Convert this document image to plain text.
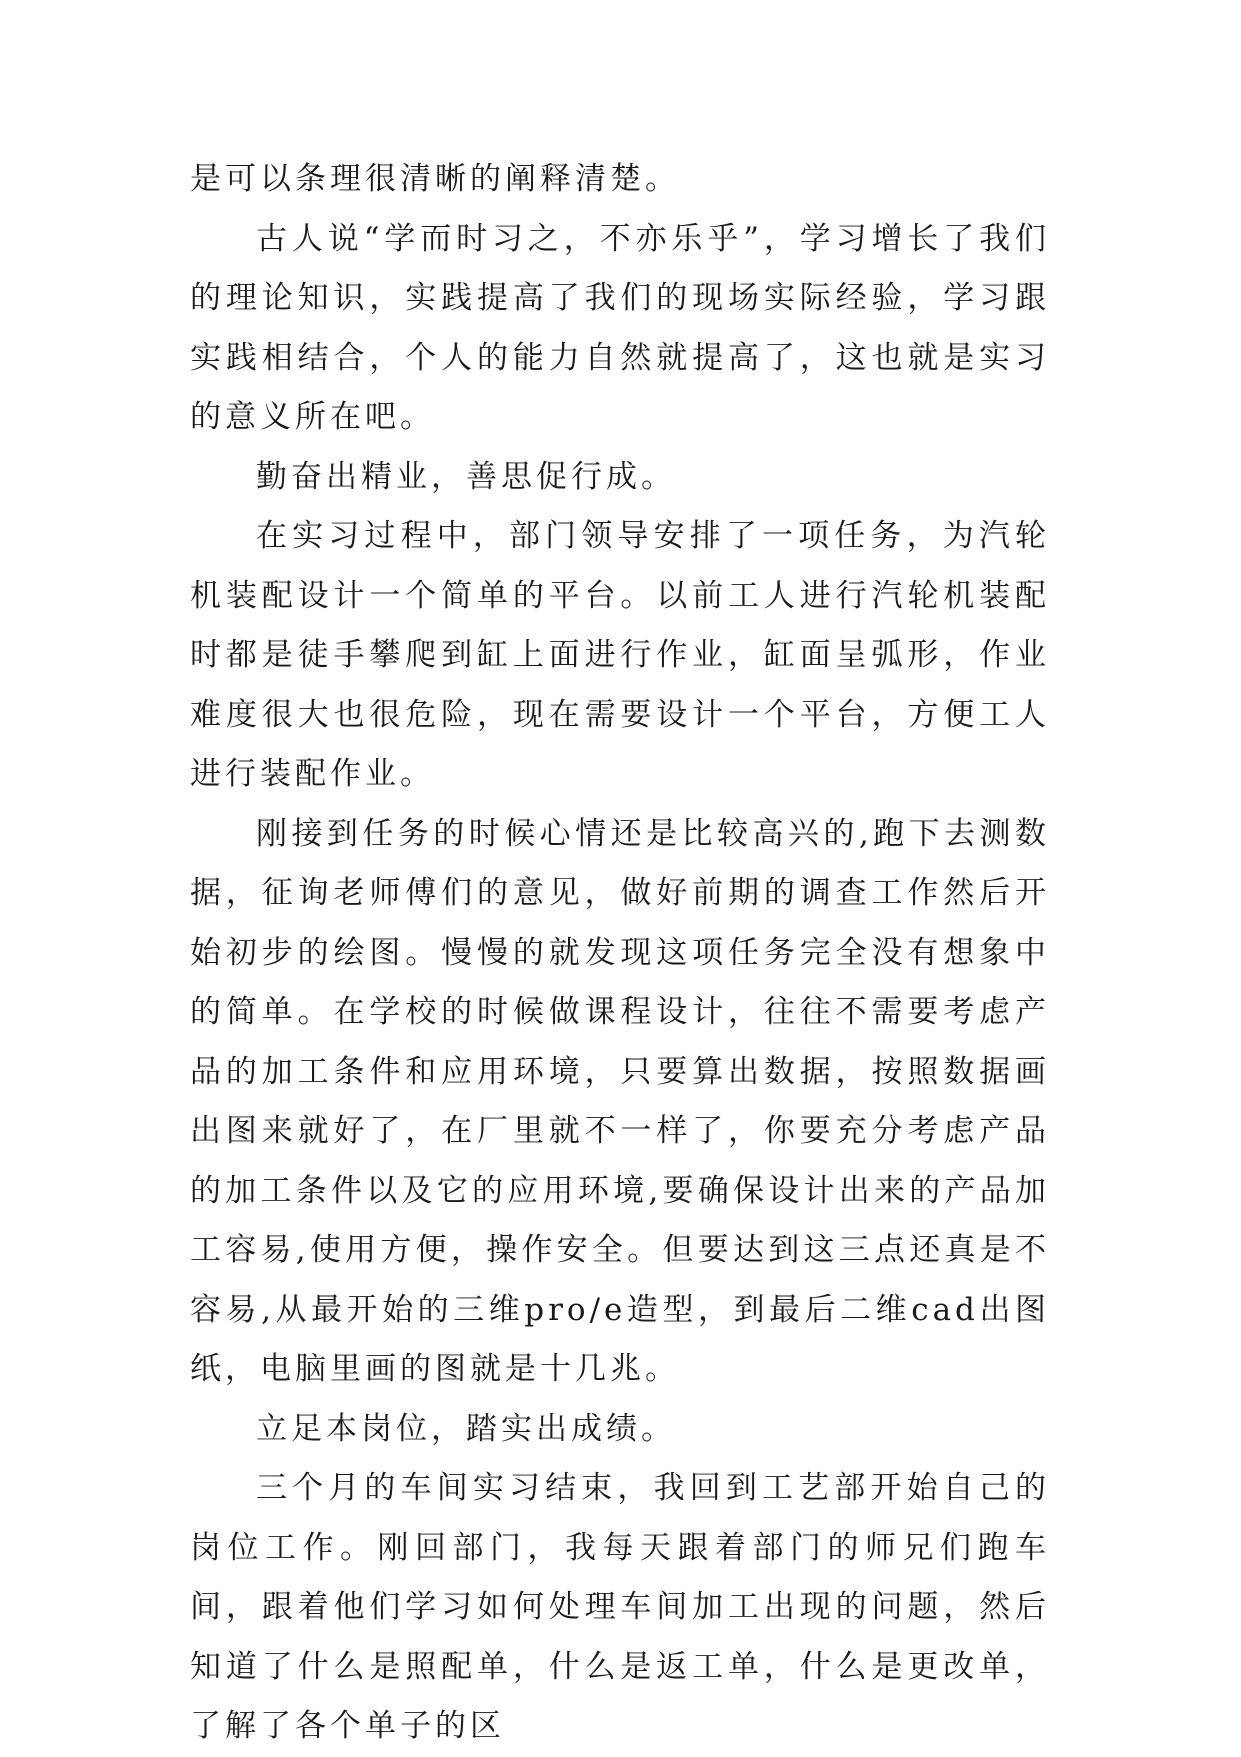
是可以条理很清晰的阐释清楚。

古人说“学而时习之，不亦乐乎”，学习增长了我们的理论知识，实践提高了我们的现场实际经验，学习跟实践相结合，个人的能力自然就提高了，这也就是实习的意义所在吧。

勤奋出精业，善思促行成。

在实习过程中，部门领导安排了一项任务，为汽轮机装配设计一个简单的平台。以前工人进行汽轮机装配时都是徒手攀爬到缸上面进行作业，缸面呈弧形，作业难度很大也很危险，现在需要设计一个平台，方便工人进行装配作业。

刚接到任务的时候心情还是比较高兴的,跑下去测数据，征询老师傅们的意见，做好前期的调查工作然后开始初步的绘图。慢慢的就发现这项任务完全没有想象中的简单。在学校的时候做课程设计，往往不需要考虑产品的加工条件和应用环境，只要算出数据，按照数据画出图来就好了，在厂里就不一样了，你要充分考虑产品的加工条件以及它的应用环境,要确保设计出来的产品加工容易,使用方便，操作安全。但要达到这三点还真是不容易,从最开始的三维pro/e造型，到最后二维cad出图纸，电脑里画的图就是十几兆。

立足本岗位，踏实出成绩。

三个月的车间实习结束，我回到工艺部开始自己的岗位工作。刚回部门，我每天跟着部门的师兄们跑车间，跟着他们学习如何处理车间加工出现的问题，然后知道了什么是照配单，什么是返工单，什么是更改单，了解了各个单子的区
